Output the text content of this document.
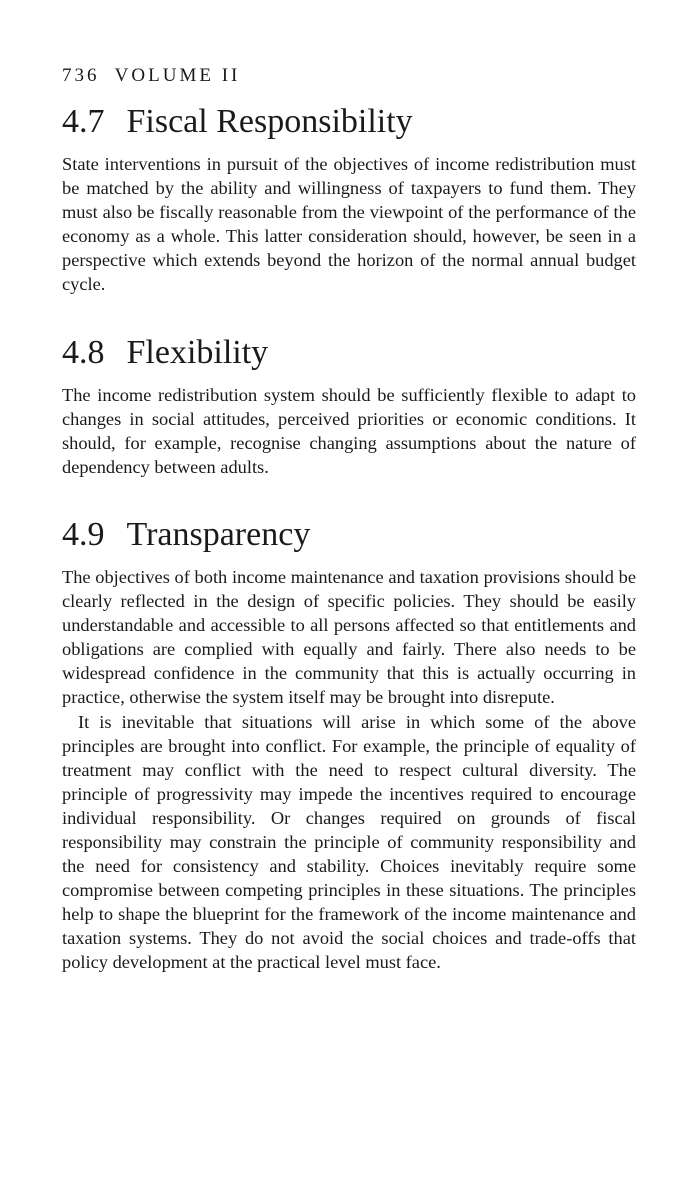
736 VOLUME II
4.7 Fiscal Responsibility

State interventions in pursuit of the objectives of income redistribution must be matched by the ability and willingness of taxpayers to fund them. They must also be fiscally reasonable from the viewpoint of the performance of the economy as a whole. This latter consideration should, however, be seen in a perspective which extends beyond the horizon of the normal annual budget cycle.

4.8 Flexibility

The income redistribution system should be sufficiently flexible to adapt to changes in social attitudes, perceived priorities or economic conditions. It should, for example, recognise changing assumptions about the nature of dependency between adults.

4.9 Transparency

The objectives of both income maintenance and taxation provisions should be clearly reflected in the design of specific policies. They should be easily understandable and accessible to all persons affected so that entitlements and obligations are complied with equally and fairly. There also needs to be widespread confidence in the community that this is actually occurring in practice, otherwise the system itself may be brought into disrepute.

It is inevitable that situations will arise in which some of the above principles are brought into conflict. For example, the principle of equality of treatment may conflict with the need to respect cultural diversity. The principle of progressivity may impede the incentives required to encourage individual responsibility. Or changes required on grounds of fiscal responsibility may constrain the principle of community responsibility and the need for consistency and stability. Choices inevitably require some compromise between competing principles in these situations. The principles help to shape the blueprint for the framework of the income maintenance and taxation systems. They do not avoid the social choices and trade-offs that policy development at the practical level must face.
